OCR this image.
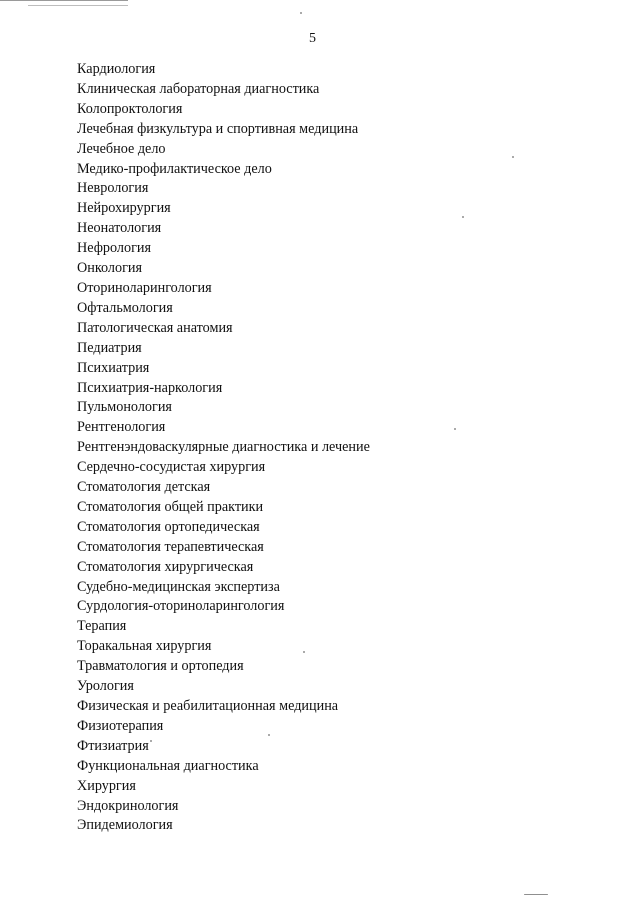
5
Кардиология
Клиническая лабораторная диагностика
Колопроктология
Лечебная физкультура и спортивная медицина
Лечебное дело
Медико-профилактическое дело
Неврология
Нейрохирургия
Неонатология
Нефрология
Онкология
Оториноларингология
Офтальмология
Патологическая анатомия
Педиатрия
Психиатрия
Психиатрия-наркология
Пульмонология
Рентгенология
Рентгенэндоваскулярные диагностика и лечение
Сердечно-сосудистая хирургия
Стоматология детская
Стоматология общей практики
Стоматология ортопедическая
Стоматология терапевтическая
Стоматология хирургическая
Судебно-медицинская экспертиза
Сурдология-оториноларингология
Терапия
Торакальная хирургия
Травматология и ортопедия
Урология
Физическая и реабилитационная медицина
Физиотерапия
Фтизиатрия
Функциональная диагностика
Хирургия
Эндокринология
Эпидемиология
